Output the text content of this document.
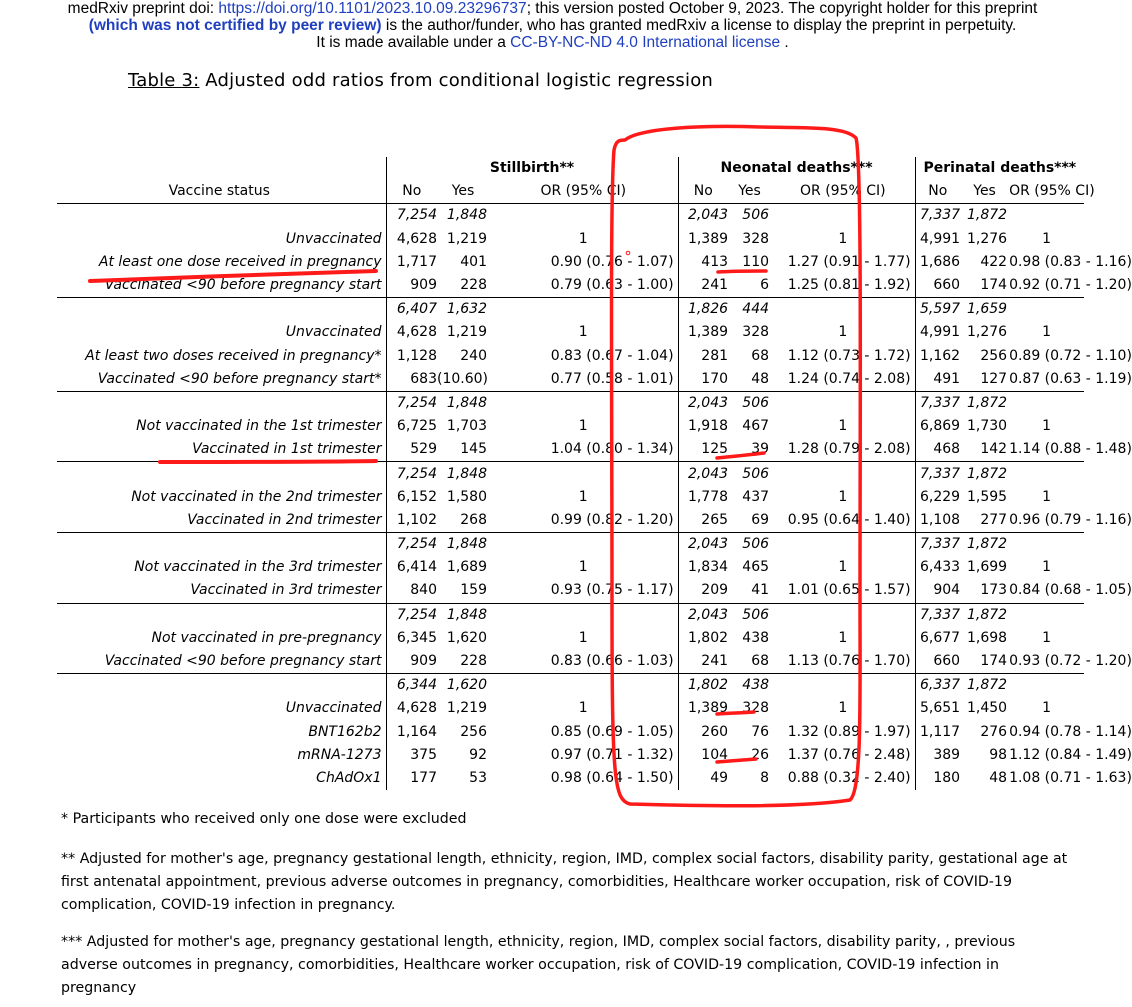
medRxiv preprint doi: https://doi.org/10.1101/2023.10.09.23296737; this version posted October 9, 2023. The copyright holder for this preprint
(which was not certified by peer review) is the author/funder, who has granted medRxiv a license to display the preprint in perpetuity.
It is made available under a CC-BY-NC-ND 4.0 International license .
Table 3: Adjusted odd ratios from conditional logistic regression
	Stillbirth**			Neonatal deaths***			Perinatal deaths***		
Vaccine status	No	Yes	OR (95% CI)	No	Yes	OR (95% CI)	No	Yes	OR (95% CI)
	7,254	1,848		2,043	506		7,337	1,872	
Unvaccinated	4,628	1,219	1	1,389	328	1	4,991	1,276	1
At least one dose received in pregnancy	1,717	401	0.90 (0.76 - 1.07)	413	110	1.27 (0.91 - 1.77)	1,686	422	0.98 (0.83 - 1.16)
Vaccinated <90 before pregnancy start	909	228	0.79 (0.63 - 1.00)	241	6	1.25 (0.81 - 1.92)	660	174	0.92 (0.71 - 1.20)
	6,407	1,632		1,826	444		5,597	1,659	
Unvaccinated	4,628	1,219	1	1,389	328	1	4,991	1,276	1
At least two doses received in pregnancy*	1,128	240	0.83 (0.67 - 1.04)	281	68	1.12 (0.73 - 1.72)	1,162	256	0.89 (0.72 - 1.10)
Vaccinated <90 before pregnancy start*	683	(10.60)	0.77 (0.58 - 1.01)	170	48	1.24 (0.74 - 2.08)	491	127	0.87 (0.63 - 1.19)
	7,254	1,848		2,043	506		7,337	1,872	
Not vaccinated in the 1st trimester	6,725	1,703	1	1,918	467	1	6,869	1,730	1
Vaccinated in 1st trimester	529	145	1.04 (0.80 - 1.34)	125	39	1.28 (0.79 - 2.08)	468	142	1.14 (0.88 - 1.48)
	7,254	1,848		2,043	506		7,337	1,872	
Not vaccinated in the 2nd trimester	6,152	1,580	1	1,778	437	1	6,229	1,595	1
Vaccinated in 2nd trimester	1,102	268	0.99 (0.82 - 1.20)	265	69	0.95 (0.64 - 1.40)	1,108	277	0.96 (0.79 - 1.16)
	7,254	1,848		2,043	506		7,337	1,872	
Not vaccinated in the 3rd trimester	6,414	1,689	1	1,834	465	1	6,433	1,699	1
Vaccinated in 3rd trimester	840	159	0.93 (0.75 - 1.17)	209	41	1.01 (0.65 - 1.57)	904	173	0.84 (0.68 - 1.05)
	7,254	1,848		2,043	506		7,337	1,872	
Not vaccinated in pre-pregnancy	6,345	1,620	1	1,802	438	1	6,677	1,698	1
Vaccinated <90 before pregnancy start	909	228	0.83 (0.66 - 1.03)	241	68	1.13 (0.76 - 1.70)	660	174	0.93 (0.72 - 1.20)
	6,344	1,620		1,802	438		6,337	1,872	
Unvaccinated	4,628	1,219	1	1,389	328	1	5,651	1,450	1
BNT162b2	1,164	256	0.85 (0.69 - 1.05)	260	76	1.32 (0.89 - 1.97)	1,117	276	0.94 (0.78 - 1.14)
mRNA-1273	375	92	0.97 (0.71 - 1.32)	104	26	1.37 (0.76 - 2.48)	389	98	1.12 (0.84 - 1.49)
ChAdOx1	177	53	0.98 (0.64 - 1.50)	49	8	0.88 (0.32 - 2.40)	180	48	1.08 (0.71 - 1.63)
* Participants who received only one dose were excluded
** Adjusted for mother's age, pregnancy gestational length, ethnicity, region, IMD, complex social factors, disability parity, gestational age at first antenatal appointment, previous adverse outcomes in pregnancy, comorbidities, Healthcare worker occupation, risk of COVID-19 complication, COVID-19 infection in pregnancy.
*** Adjusted for mother's age, pregnancy gestational length, ethnicity, region, IMD, complex social factors, disability parity, , previous adverse outcomes in pregnancy, comorbidities, Healthcare worker occupation, risk of COVID-19 complication, COVID-19 infection in pregnancy
